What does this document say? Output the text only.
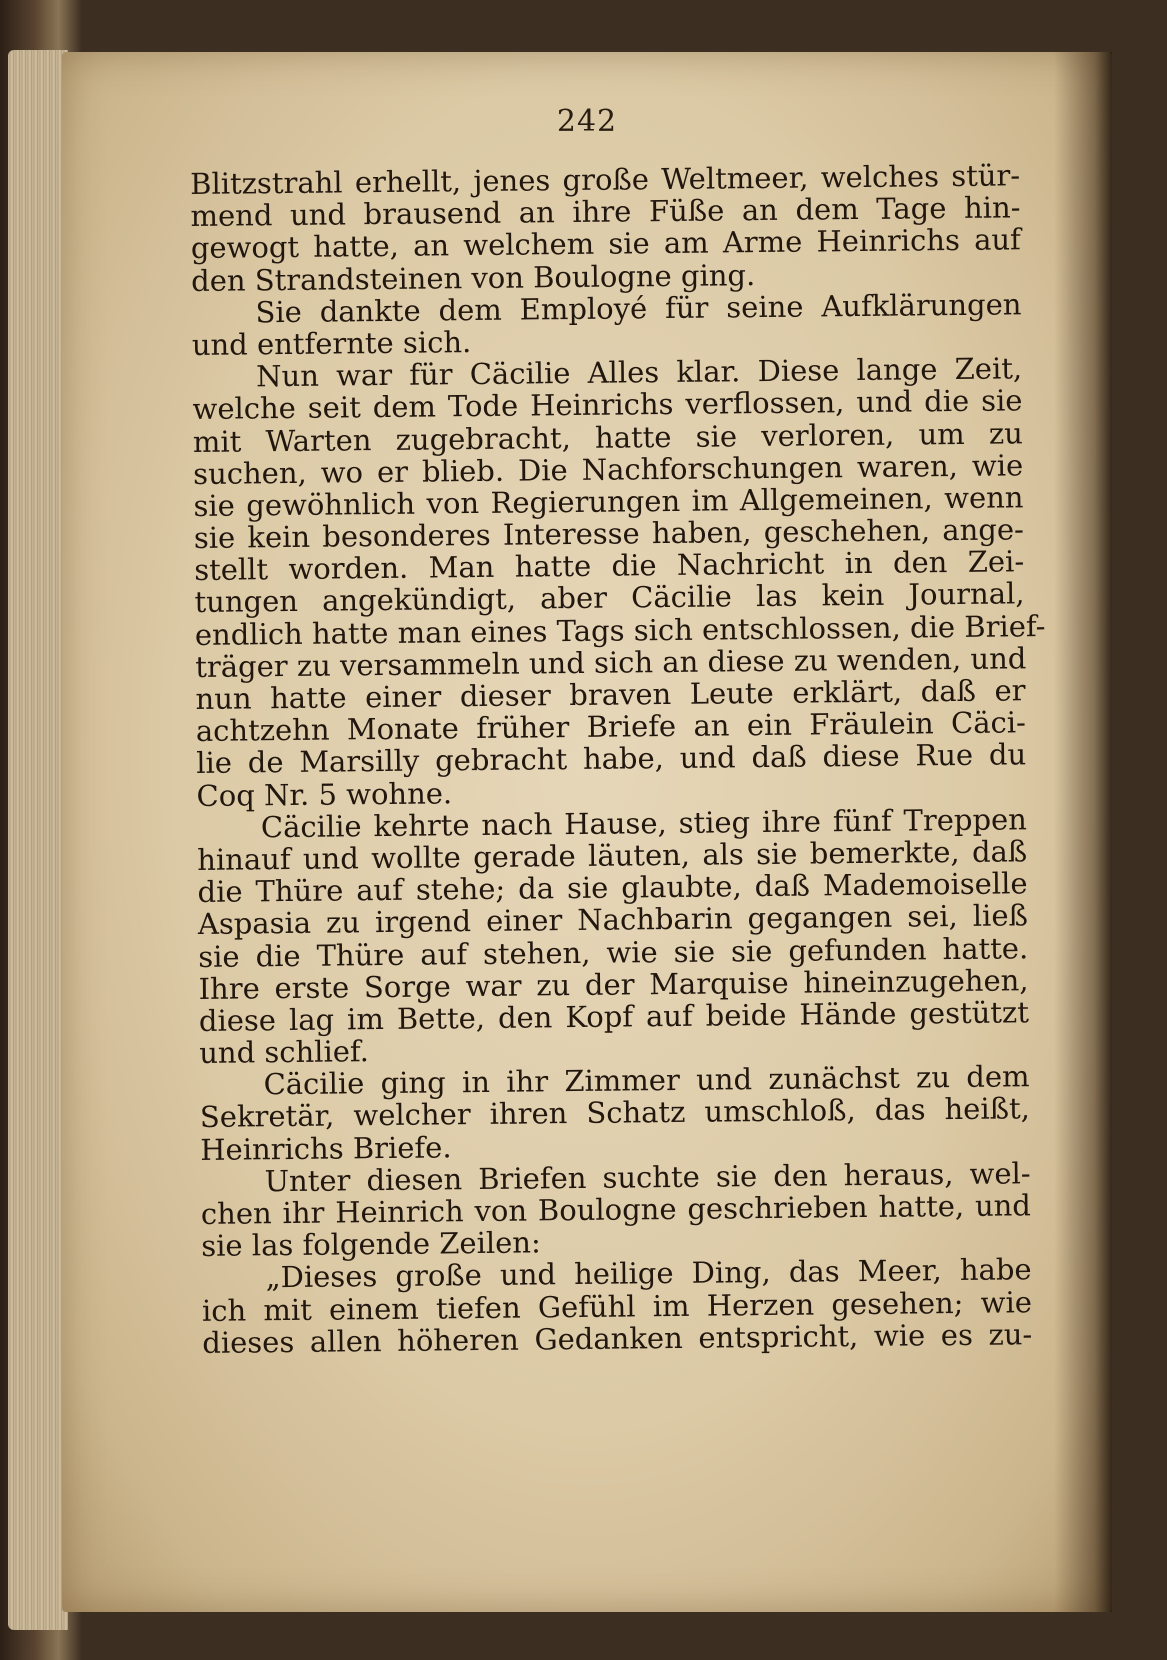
242
Blitzstrahl erhellt, jenes große Weltmeer, welches stür-
mend und brausend an ihre Füße an dem Tage hin-
gewogt hatte, an welchem sie am Arme Heinrichs auf
den Strandsteinen von Boulogne ging.
Sie dankte dem Employé für seine Aufklärungen
und entfernte sich.
Nun war für Cäcilie Alles klar. Diese lange Zeit,
welche seit dem Tode Heinrichs verflossen, und die sie
mit Warten zugebracht, hatte sie verloren, um zu
suchen, wo er blieb. Die Nachforschungen waren, wie
sie gewöhnlich von Regierungen im Allgemeinen, wenn
sie kein besonderes Interesse haben, geschehen, ange-
stellt worden. Man hatte die Nachricht in den Zei-
tungen angekündigt, aber Cäcilie las kein Journal,
endlich hatte man eines Tags sich entschlossen, die Brief-
träger zu versammeln und sich an diese zu wenden, und
nun hatte einer dieser braven Leute erklärt, daß er
achtzehn Monate früher Briefe an ein Fräulein Cäci-
lie de Marsilly gebracht habe, und daß diese Rue du
Coq Nr. 5 wohne.
Cäcilie kehrte nach Hause, stieg ihre fünf Treppen
hinauf und wollte gerade läuten, als sie bemerkte, daß
die Thüre auf stehe; da sie glaubte, daß Mademoiselle
Aspasia zu irgend einer Nachbarin gegangen sei, ließ
sie die Thüre auf stehen, wie sie sie gefunden hatte.
Ihre erste Sorge war zu der Marquise hineinzugehen,
diese lag im Bette, den Kopf auf beide Hände gestützt
und schlief.
Cäcilie ging in ihr Zimmer und zunächst zu dem
Sekretär, welcher ihren Schatz umschloß, das heißt,
Heinrichs Briefe.
Unter diesen Briefen suchte sie den heraus, wel-
chen ihr Heinrich von Boulogne geschrieben hatte, und
sie las folgende Zeilen:
„Dieses große und heilige Ding, das Meer, habe
ich mit einem tiefen Gefühl im Herzen gesehen; wie
dieses allen höheren Gedanken entspricht, wie es zu-
